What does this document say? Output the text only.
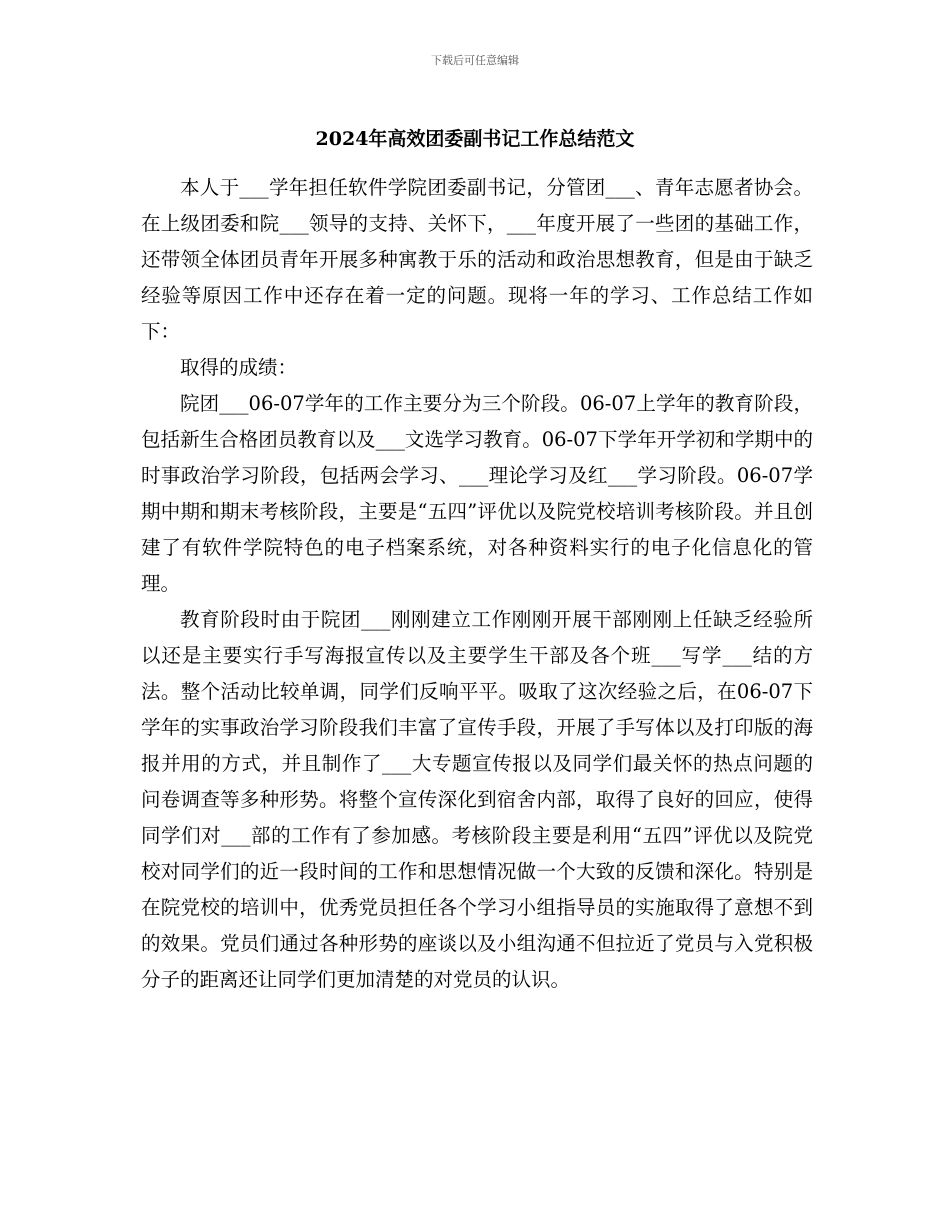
下载后可任意编辑
2024年高效团委副书记工作总结范文

本人于___学年担任软件学院团委副书记，分管团___、青年志愿者协会。在上级团委和院___领导的支持、关怀下，___年度开展了一些团的基础工作，还带领全体团员青年开展多种寓教于乐的活动和政治思想教育，但是由于缺乏经验等原因工作中还存在着一定的问题。现将一年的学习、工作总结工作如下：

取得的成绩：

院团___06-07学年的工作主要分为三个阶段。06-07上学年的教育阶段，包括新生合格团员教育以及___文选学习教育。06-07下学年开学初和学期中的时事政治学习阶段，包括两会学习、___理论学习及红___学习阶段。06-07学期中期和期末考核阶段，主要是“五四”评优以及院党校培训考核阶段。并且创建了有软件学院特色的电子档案系统，对各种资料实行的电子化信息化的管理。

教育阶段时由于院团___刚刚建立工作刚刚开展干部刚刚上任缺乏经验所以还是主要实行手写海报宣传以及主要学生干部及各个班___写学___结的方法。整个活动比较单调，同学们反响平平。吸取了这次经验之后，在06-07下学年的实事政治学习阶段我们丰富了宣传手段，开展了手写体以及打印版的海报并用的方式，并且制作了___大专题宣传报以及同学们最关怀的热点问题的问卷调查等多种形势。将整个宣传深化到宿舍内部，取得了良好的回应，使得同学们对___部的工作有了参加感。考核阶段主要是利用“五四”评优以及院党校对同学们的近一段时间的工作和思想情况做一个大致的反馈和深化。特别是在院党校的培训中，优秀党员担任各个学习小组指导员的实施取得了意想不到的效果。党员们通过各种形势的座谈以及小组沟通不但拉近了党员与入党积极分子的距离还让同学们更加清楚的对党员的认识。
